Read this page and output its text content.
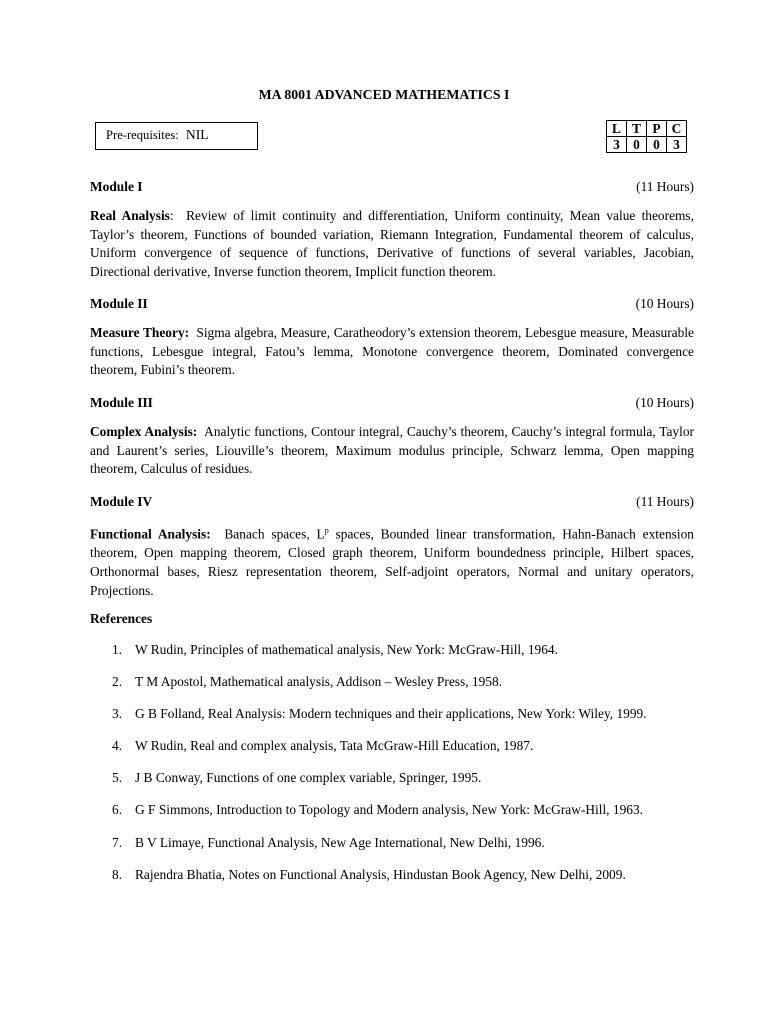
MA 8001 ADVANCED MATHEMATICS I
Pre-requisites: NIL	L	T	P	C
3	0	0	3
Module I	(11 Hours)
Real Analysis: Review of limit continuity and differentiation, Uniform continuity, Mean value theorems, Taylor’s theorem, Functions of bounded variation, Riemann Integration, Fundamental theorem of calculus, Uniform convergence of sequence of functions, Derivative of functions of several variables, Jacobian, Directional derivative, Inverse function theorem, Implicit function theorem.
Module II	(10 Hours)
Measure Theory: Sigma algebra, Measure, Caratheodory’s extension theorem, Lebesgue measure, Measurable functions, Lebesgue integral, Fatou’s lemma, Monotone convergence theorem, Dominated convergence theorem, Fubini’s theorem.
Module III	(10 Hours)
Complex Analysis: Analytic functions, Contour integral, Cauchy’s theorem, Cauchy’s integral formula, Taylor and Laurent’s series, Liouville’s theorem, Maximum modulus principle, Schwarz lemma, Open mapping theorem, Calculus of residues.
Module IV	(11 Hours)
Functional Analysis: Banach spaces, $L^p$ spaces, Bounded linear transformation, Hahn-Banach extension theorem, Open mapping theorem, Closed graph theorem, Uniform boundedness principle, Hilbert spaces, Orthonormal bases, Riesz representation theorem, Self-adjoint operators, Normal and unitary operators, Projections.
References
1. W Rudin, Principles of mathematical analysis, New York: McGraw-Hill, 1964.
2. T M Apostol, Mathematical analysis, Addison – Wesley Press, 1958.
3. G B Folland, Real Analysis: Modern techniques and their applications, New York: Wiley, 1999.
4. W Rudin, Real and complex analysis, Tata McGraw-Hill Education, 1987.
5. J B Conway, Functions of one complex variable, Springer, 1995.
6. G F Simmons, Introduction to Topology and Modern analysis, New York: McGraw-Hill, 1963.
7. B V Limaye, Functional Analysis, New Age International, New Delhi, 1996.
8. Rajendra Bhatia, Notes on Functional Analysis, Hindustan Book Agency, New Delhi, 2009.
